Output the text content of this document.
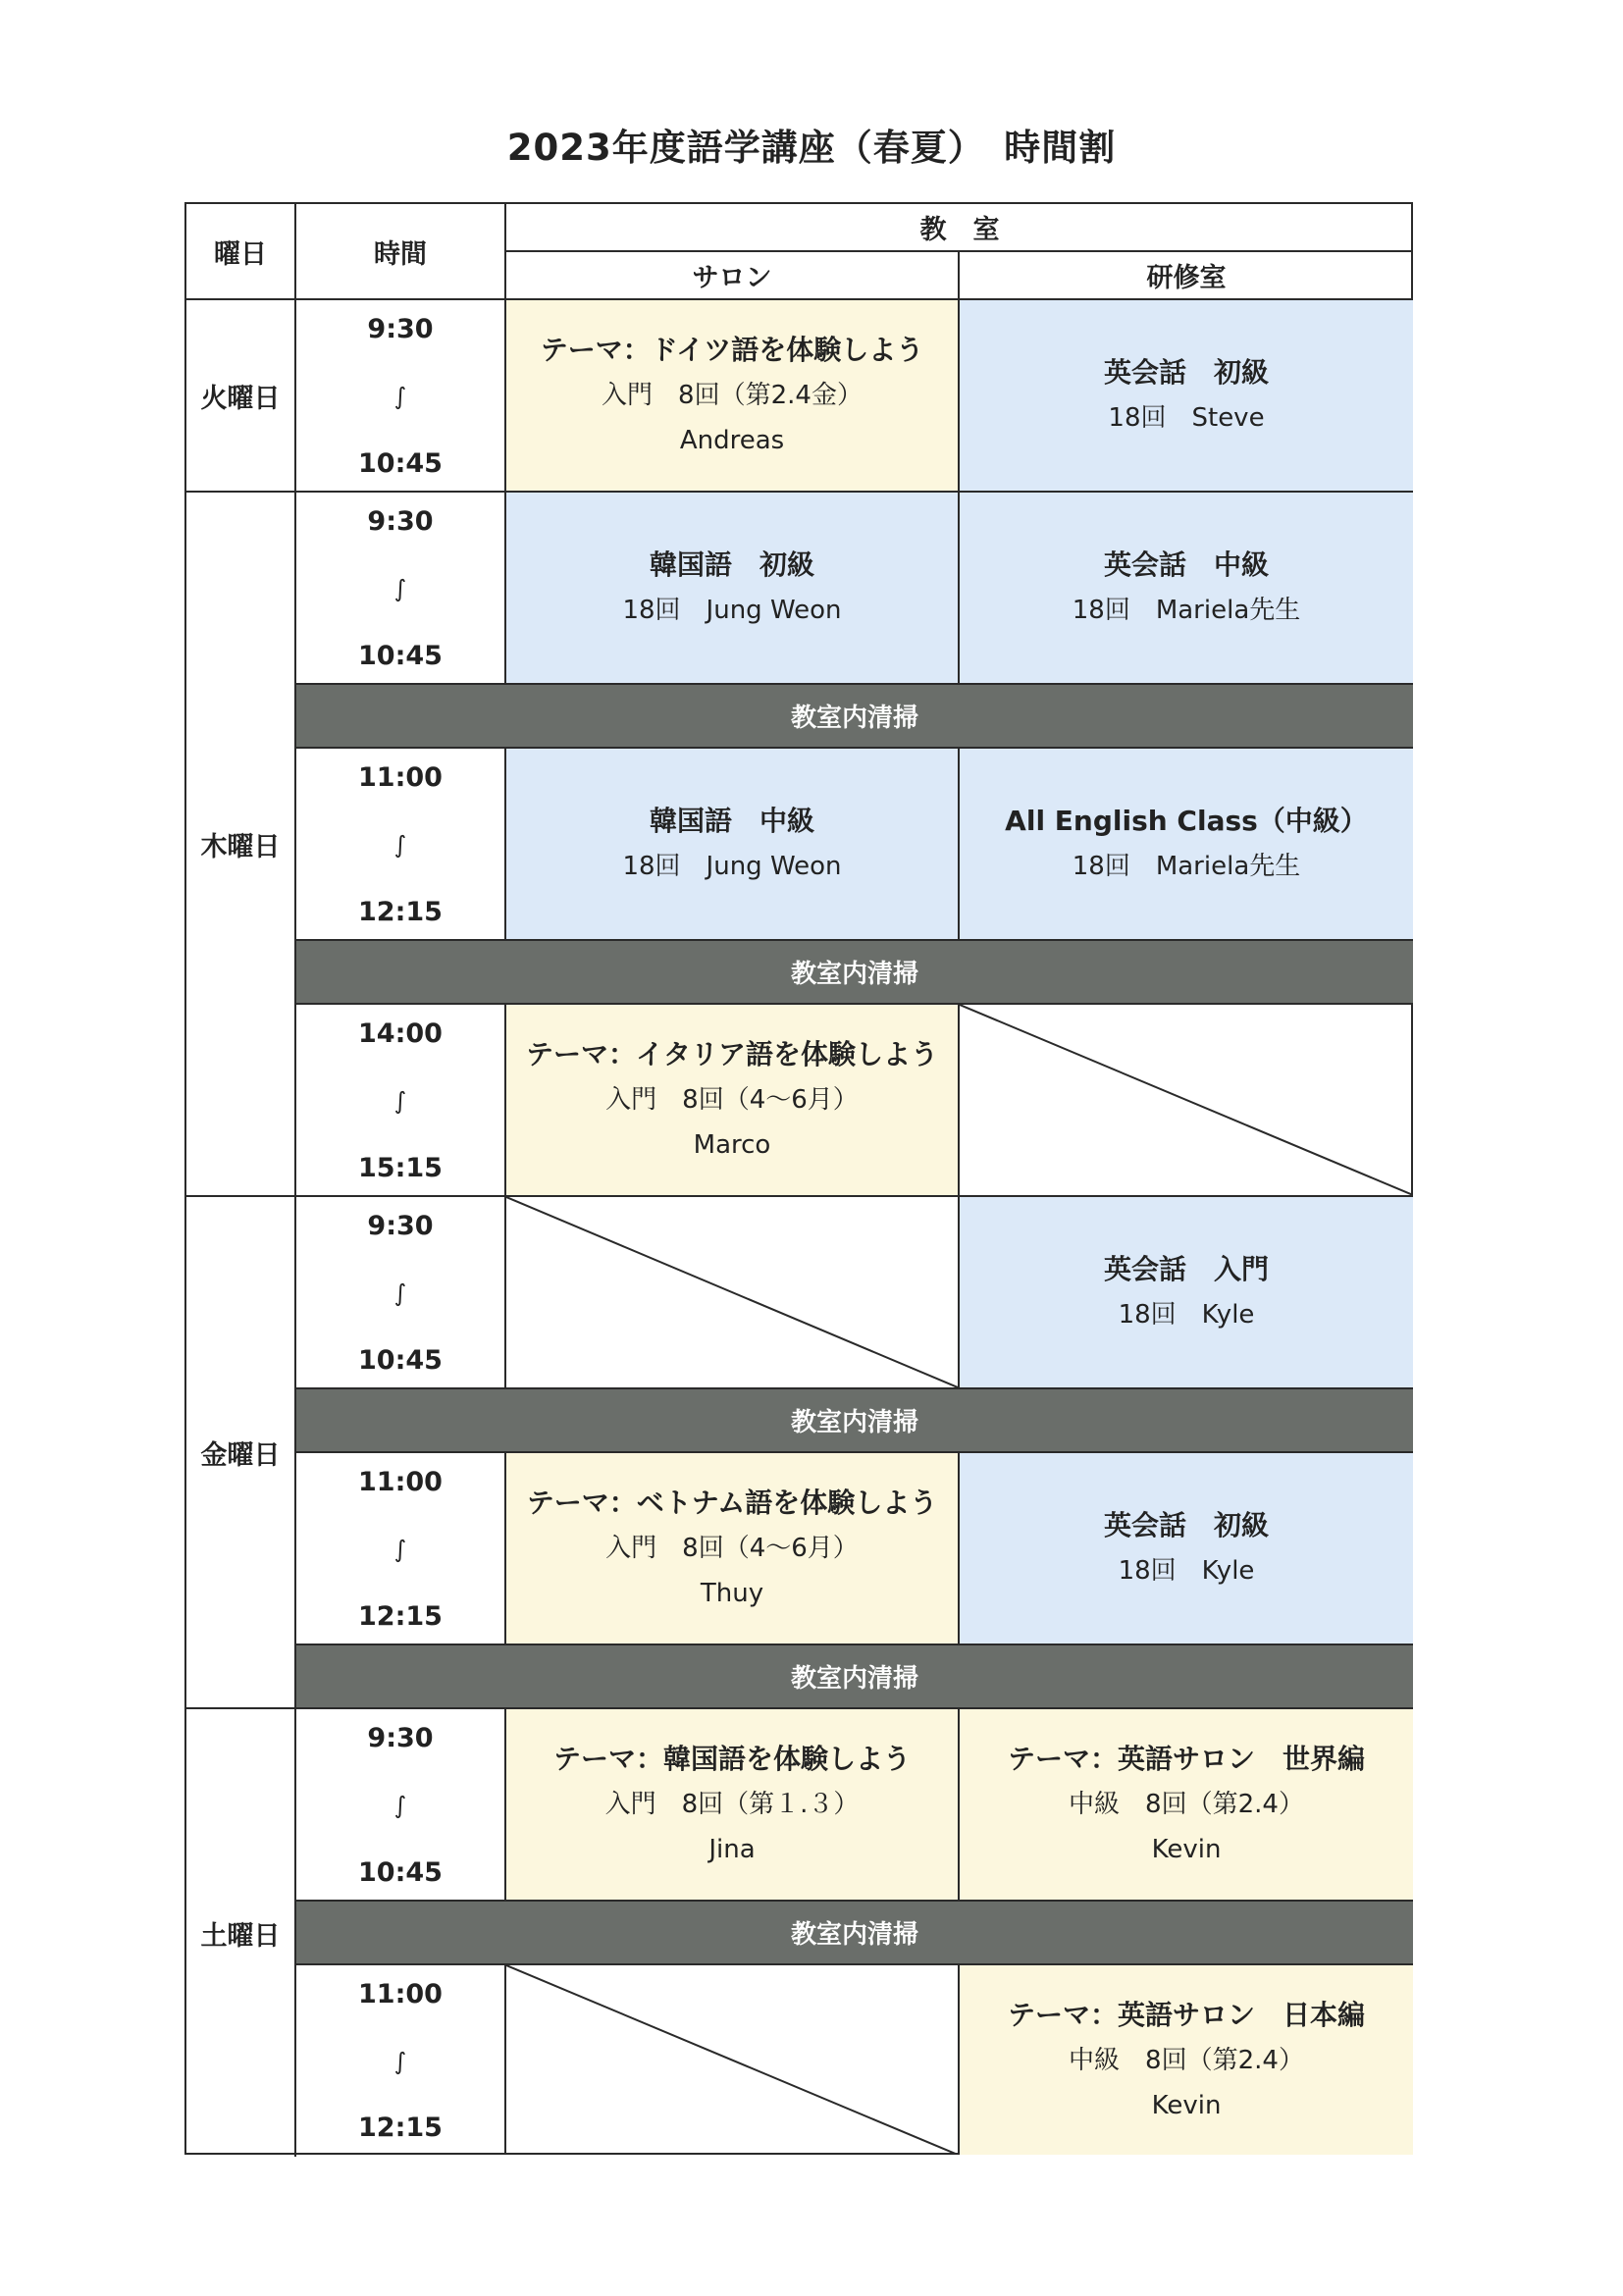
2023年度語学講座（春夏）　時間割
曜日	時間
教　室
サロン	研修室
火曜日
木曜日
金曜日
土曜日
9:30
∫
10:45
テーマ：ドイツ語を体験しよう
入門　8回（第2.4金）
Andreas
英会話　初級
18回　Steve
9:30
∫
10:45
韓国語　初級
18回　Jung Weon
英会話　中級
18回　Mariela先生
教室内清掃
11:00
∫
12:15
韓国語　中級
18回　Jung Weon
All English Class（中級）
18回　Mariela先生
教室内清掃
14:00
∫
15:15
テーマ：イタリア語を体験しよう
入門　8回（4～6月）
Marco
9:30
∫
10:45
英会話　入門
18回　Kyle
教室内清掃
11:00
∫
12:15
テーマ：ベトナム語を体験しよう
入門　8回（4～6月）
Thuy
英会話　初級
18回　Kyle
教室内清掃
9:30
∫
10:45
テーマ：韓国語を体験しよう
入門　8回（第１.３）
Jina
テーマ：英語サロン　世界編
中級　8回（第2.4）
Kevin
教室内清掃
11:00
∫
12:15
テーマ：英語サロン　日本編
中級　8回（第2.4）
Kevin
